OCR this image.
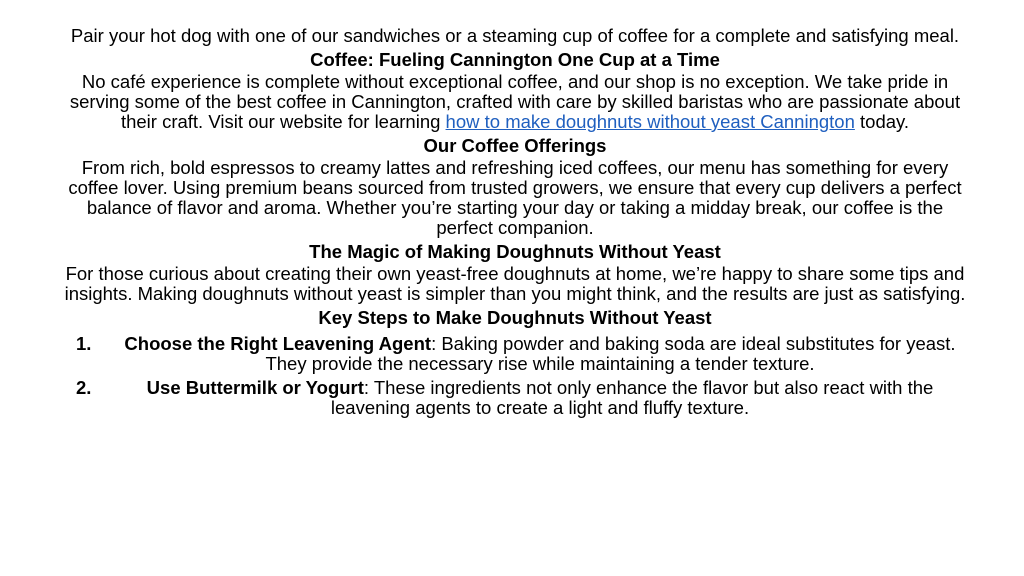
Pair your hot dog with one of our sandwiches or a steaming cup of coffee for a complete and satisfying meal.

Coffee: Fueling Cannington One Cup at a Time

No café experience is complete without exceptional coffee, and our shop is no exception. We take pride in serving some of the best coffee in Cannington, crafted with care by skilled baristas who are passionate about their craft. Visit our website for learning how to make doughnuts without yeast Cannington today.

Our Coffee Offerings

From rich, bold espressos to creamy lattes and refreshing iced coffees, our menu has something for every coffee lover. Using premium beans sourced from trusted growers, we ensure that every cup delivers a perfect balance of flavor and aroma. Whether you’re starting your day or taking a midday break, our coffee is the perfect companion.

The Magic of Making Doughnuts Without Yeast

For those curious about creating their own yeast-free doughnuts at home, we’re happy to share some tips and insights. Making doughnuts without yeast is simpler than you might think, and the results are just as satisfying.

Key Steps to Make Doughnuts Without Yeast

1.	Choose the Right Leavening Agent: Baking powder and baking soda are ideal substitutes for yeast. They provide the necessary rise while maintaining a tender texture.
2.	Use Buttermilk or Yogurt: These ingredients not only enhance the flavor but also react with the leavening agents to create a light and fluffy texture.
